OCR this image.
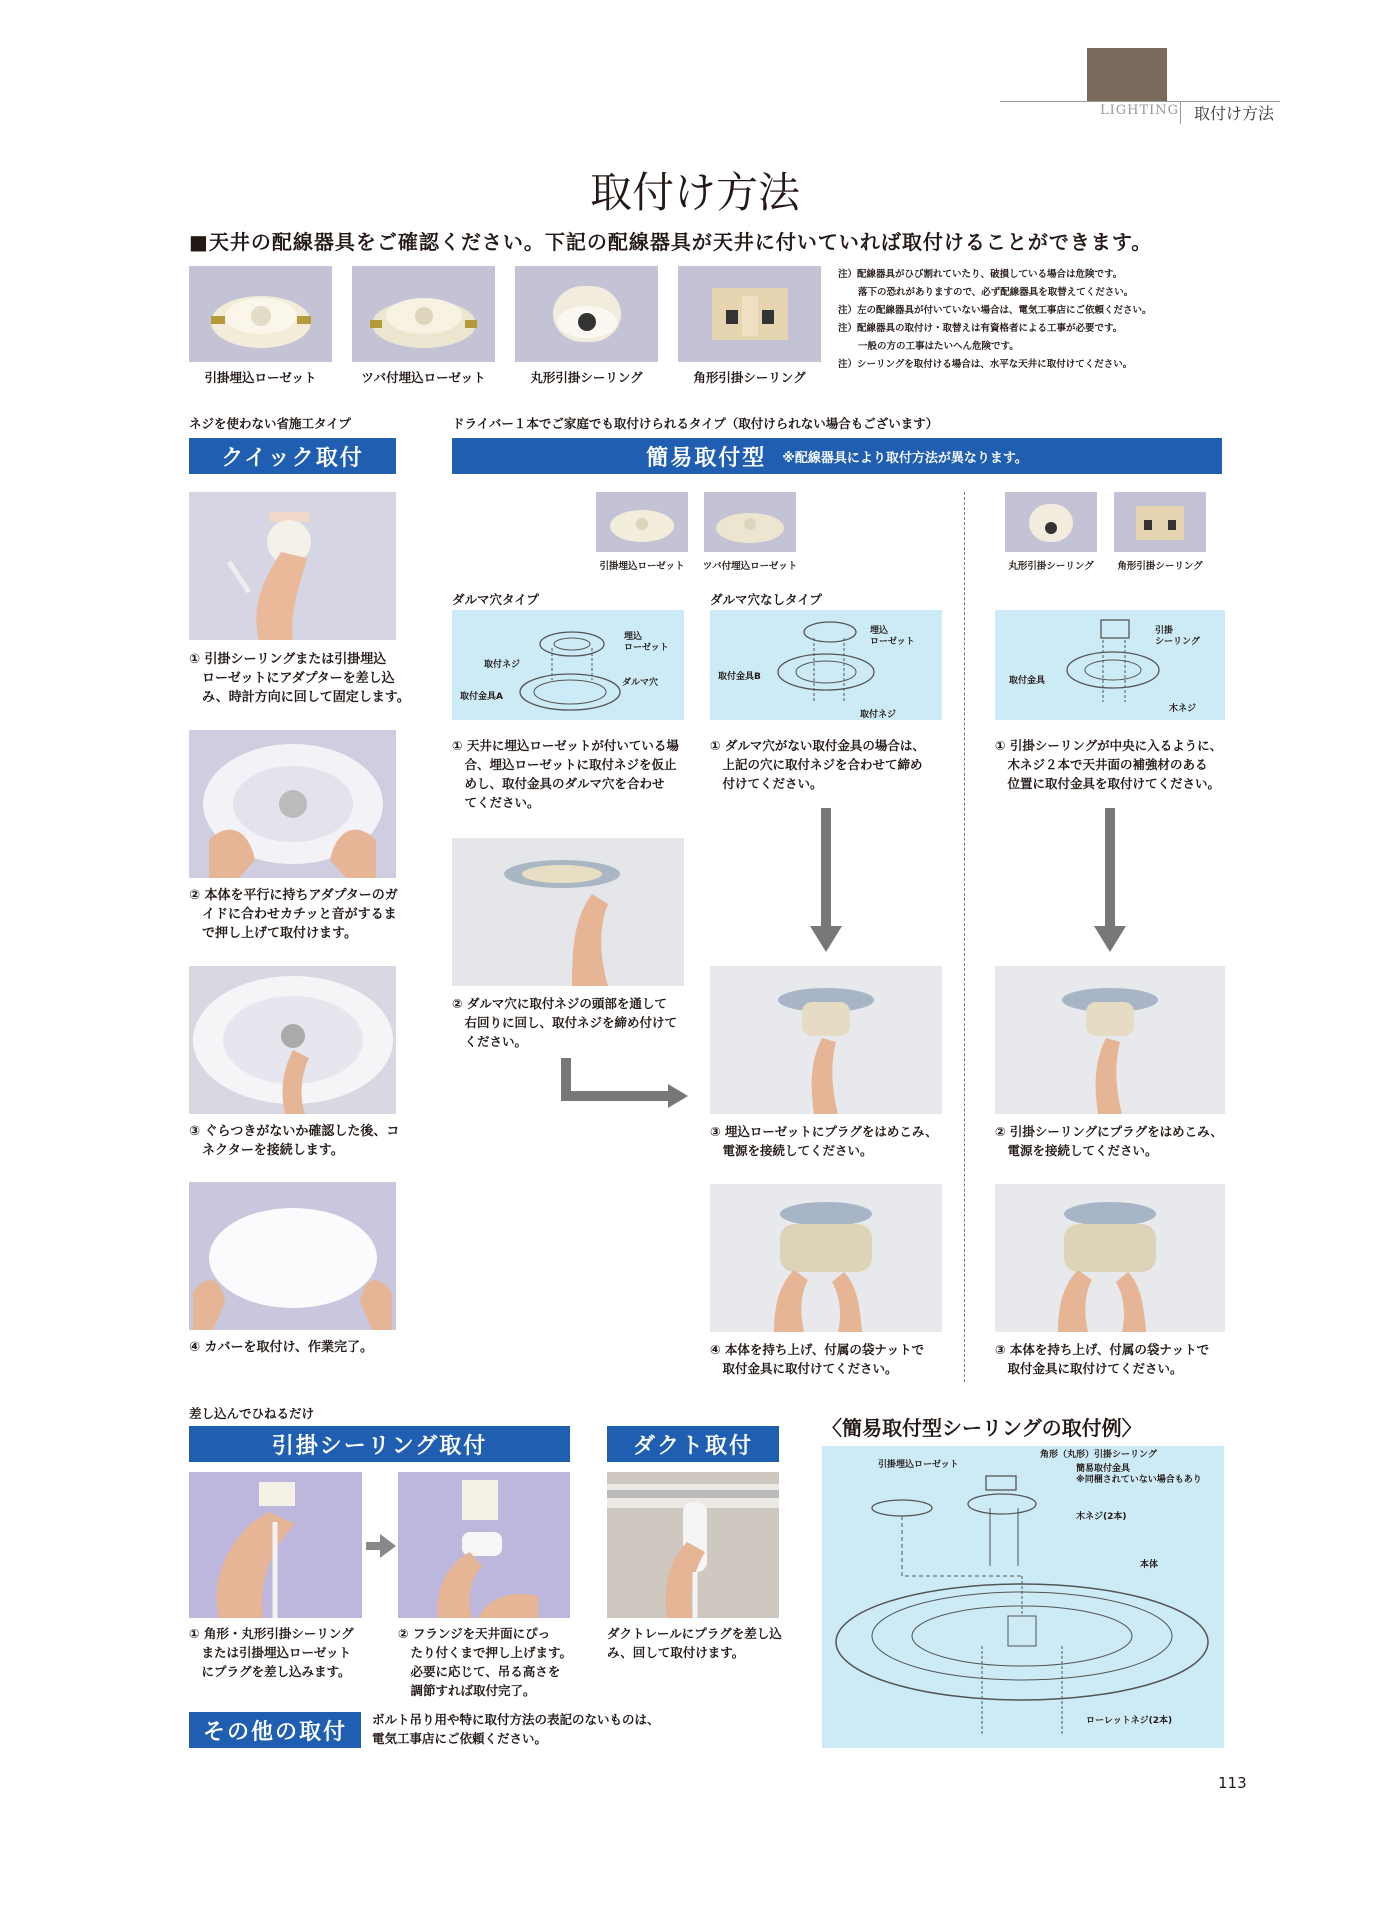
LIGHTING 取付け方法
取付け方法
■天井の配線器具をご確認ください。下記の配線器具が天井に付いていれば取付けることができます。
引掛埋込ローゼット	ツバ付埋込ローゼット	丸形引掛シーリング	角形引掛シーリング
注）配線器具がひび割れていたり、破損している場合は危険です。
落下の恐れがありますので、必ず配線器具を取替えてください。
注）左の配線器具が付いていない場合は、電気工事店にご依頼ください。
注）配線器具の取付け・取替えは有資格者による工事が必要です。
一般の方の工事はたいへん危険です。
注）シーリングを取付ける場合は、水平な天井に取付けてください。
ネジを使わない省施工タイプ
クイック取付
① 引掛シーリングまたは引掛埋込
　ローゼットにアダプターを差し込
　み、時計方向に回して固定します。
② 本体を平行に持ちアダプターのガ
　イドに合わせカチッと音がするま
　で押し上げて取付けます。
③ ぐらつきがないか確認した後、コ
　ネクターを接続します。
④ カバーを取付け、作業完了。
ドライバー１本でご家庭でも取付けられるタイプ（取付けられない場合もございます）
簡易取付型 ※配線器具により取付方法が異なります。
引掛埋込ローゼット	ツバ付埋込ローゼット	丸形引掛シーリング	角形引掛シーリング
ダルマ穴タイプ	ダルマ穴なしタイプ
埋込
ローゼット
取付ネジ
ダルマ穴
取付金具A
① 天井に埋込ローゼットが付いている場
　合、埋込ローゼットに取付ネジを仮止
　めし、取付金具のダルマ穴を合わせ
　てください。
埋込
ローゼット
取付金具B
取付ネジ
① ダルマ穴がない取付金具の場合は、
　上記の穴に取付ネジを合わせて締め
　付けてください。
引掛
シーリング
取付金具
木ネジ
① 引掛シーリングが中央に入るように、
　木ネジ２本で天井面の補強材のある
　位置に取付金具を取付けてください。
② ダルマ穴に取付ネジの頭部を通して
　右回りに回し、取付ネジを締め付けて
　ください。
③ 埋込ローゼットにプラグをはめこみ、
　電源を接続してください。
② 引掛シーリングにプラグをはめこみ、
　電源を接続してください。
④ 本体を持ち上げ、付属の袋ナットで
　取付金具に取付けてください。
③ 本体を持ち上げ、付属の袋ナットで
　取付金具に取付けてください。
差し込んでひねるだけ
引掛シーリング取付
① 角形・丸形引掛シーリング
　または引掛埋込ローゼット
　にプラグを差し込みます。
② フランジを天井面にぴっ
　たり付くまで押し上げます。
　必要に応じて、吊る高さを
　調節すれば取付完了。
ダクト取付
ダクトレールにプラグを差し込
み、回して取付けます。
その他の取付 ボルト吊り用や特に取付方法の表記のないものは、
電気工事店にご依頼ください。
〈簡易取付型シーリングの取付例〉
引掛埋込ローゼット
角形（丸形）引掛シーリング
簡易取付金具
※同梱されていない場合もあり
木ネジ(2本)
本体
ローレットネジ(2本)
113
